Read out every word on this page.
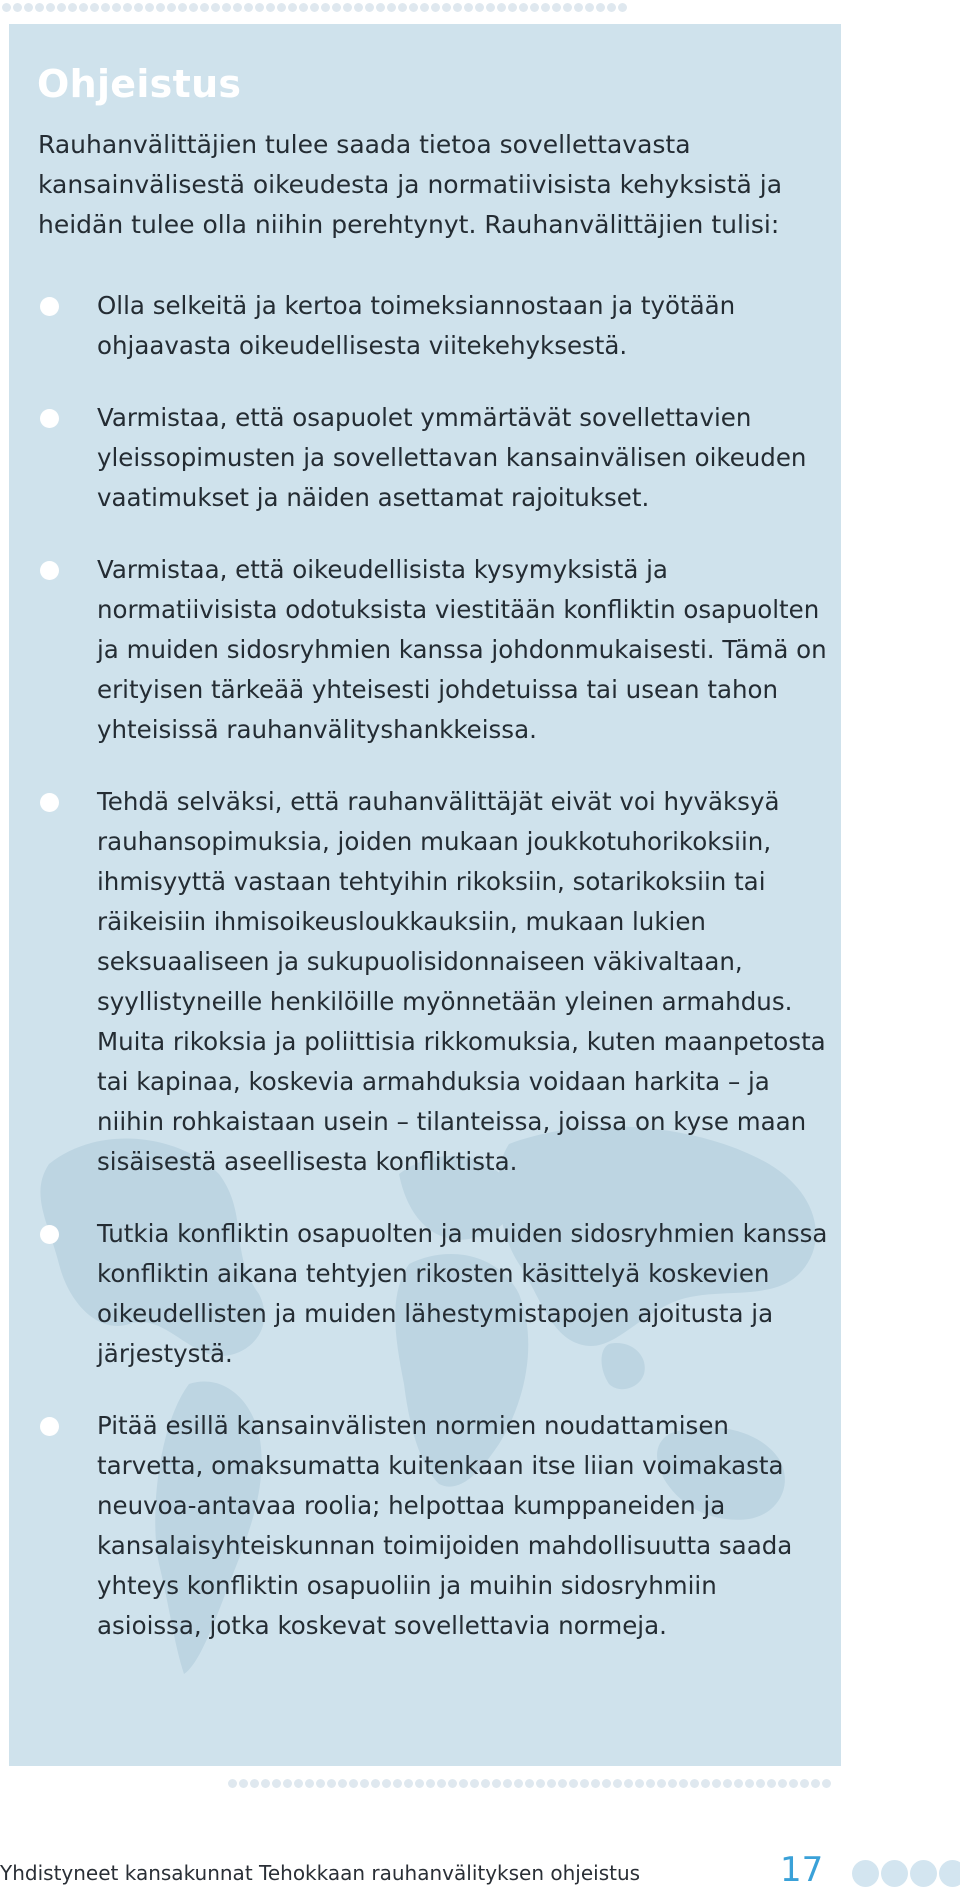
Ohjeistus

Rauhanvälittäjien tulee saada tietoa sovellettavasta kansainvälisestä oikeudesta ja normatiivisista kehyksistä ja heidän tulee olla niihin perehtynyt. Rauhanvälittäjien tulisi:

Olla selkeitä ja kertoa toimeksiannostaan ja työtään ohjaavasta oikeudellisesta viitekehyksestä.
Varmistaa, että osapuolet ymmärtävät sovellettavien yleissopimusten ja sovellettavan kansainvälisen oikeuden vaatimukset ja näiden asettamat rajoitukset.
Varmistaa, että oikeudellisista kysymyksistä ja normatiivisista odotuksista viestitään konfliktin osapuolten ja muiden sidosryhmien kanssa johdonmukaisesti. Tämä on erityisen tärkeää yhteisesti johdetuissa tai usean tahon yhteisissä rauhanvälityshankkeissa.
Tehdä selväksi, että rauhanvälittäjät eivät voi hyväksyä rauhansopimuksia, joiden mukaan joukkotuhorikoksiin, ihmisyyttä vastaan tehtyihin rikoksiin, sotarikoksiin tai räikeisiin ihmisoikeusloukkauksiin, mukaan lukien seksuaaliseen ja sukupuolisidonnaiseen väkivaltaan, syyllistyneille henkilöille myönnetään yleinen armahdus. Muita rikoksia ja poliittisia rikkomuksia, kuten maanpetosta tai kapinaa, koskevia armahduksia voidaan harkita – ja niihin rohkaistaan usein – tilanteissa, joissa on kyse maan sisäisestä aseellisesta konfliktista.
Tutkia konfliktin osapuolten ja muiden sidosryhmien kanssa konfliktin aikana tehtyjen rikosten käsittelyä koskevien oikeudellisten ja muiden lähestymistapojen ajoitusta ja järjestystä.
Pitää esillä kansainvälisten normien noudattamisen tarvetta, omaksumatta kuitenkaan itse liian voimakasta neuvoa-antavaa roolia; helpottaa kumppaneiden ja kansalaisyhteiskunnan toimijoiden mahdollisuutta saada yhteys konfliktin osapuoliin ja muihin sidosryhmiin asioissa, jotka koskevat sovellettavia normeja.
Yhdistyneet kansakunnat Tehokkaan rauhanvälityksen ohjeistus	17
